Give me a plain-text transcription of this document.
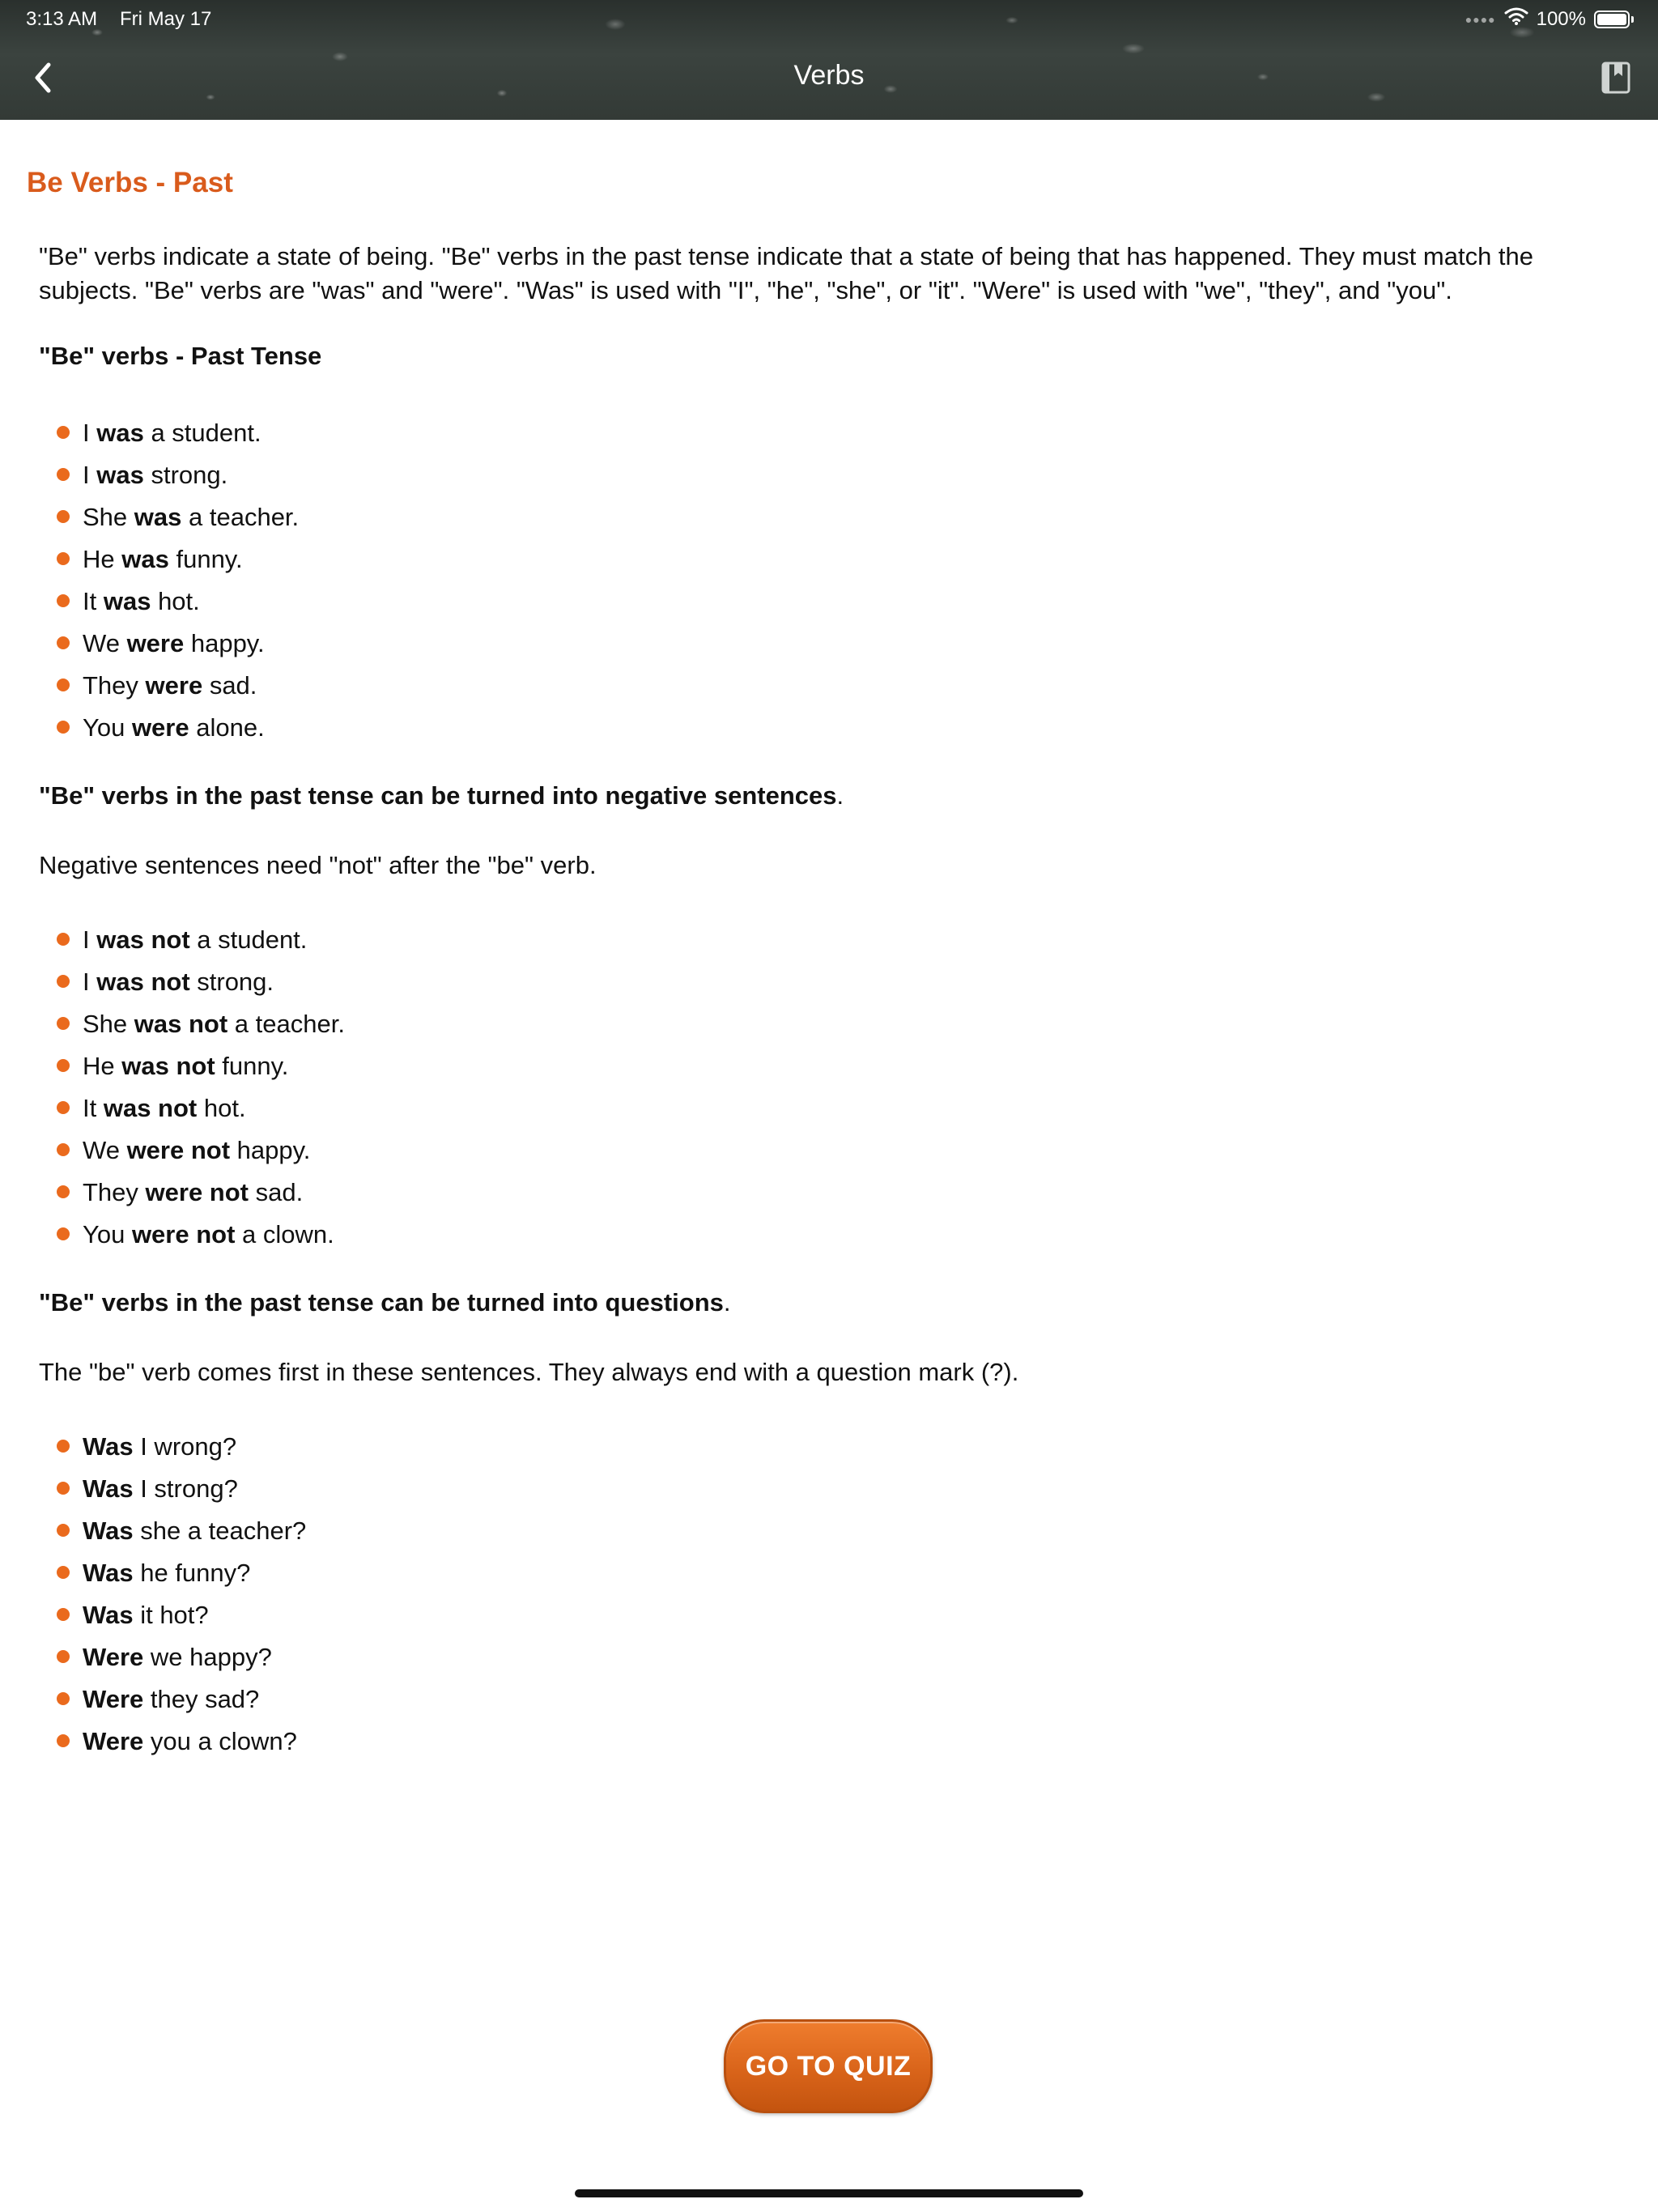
3:13 AM Fri May 17	●●●● 100%
Verbs
Be Verbs - Past

"Be" verbs indicate a state of being. "Be" verbs in the past tense indicate that a state of being that has happened. They must match the subjects. "Be" verbs are "was" and "were". "Was" is used with "I", "he", "she", or "it". "Were" is used with "we", "they", and "you".

"Be" verbs - Past Tense

I was a student.
I was strong.
She was a teacher.
He was funny.
It was hot.
We were happy.
They were sad.
You were alone.

"Be" verbs in the past tense can be turned into negative sentences.

Negative sentences need "not" after the "be" verb.

I was not a student.
I was not strong.
She was not a teacher.
He was not funny.
It was not hot.
We were not happy.
They were not sad.
You were not a clown.

"Be" verbs in the past tense can be turned into questions.

The "be" verb comes first in these sentences. They always end with a question mark (?).

Was I wrong?
Was I strong?
Was she a teacher?
Was he funny?
Was it hot?
Were we happy?
Were they sad?
Were you a clown?
GO TO QUIZ
